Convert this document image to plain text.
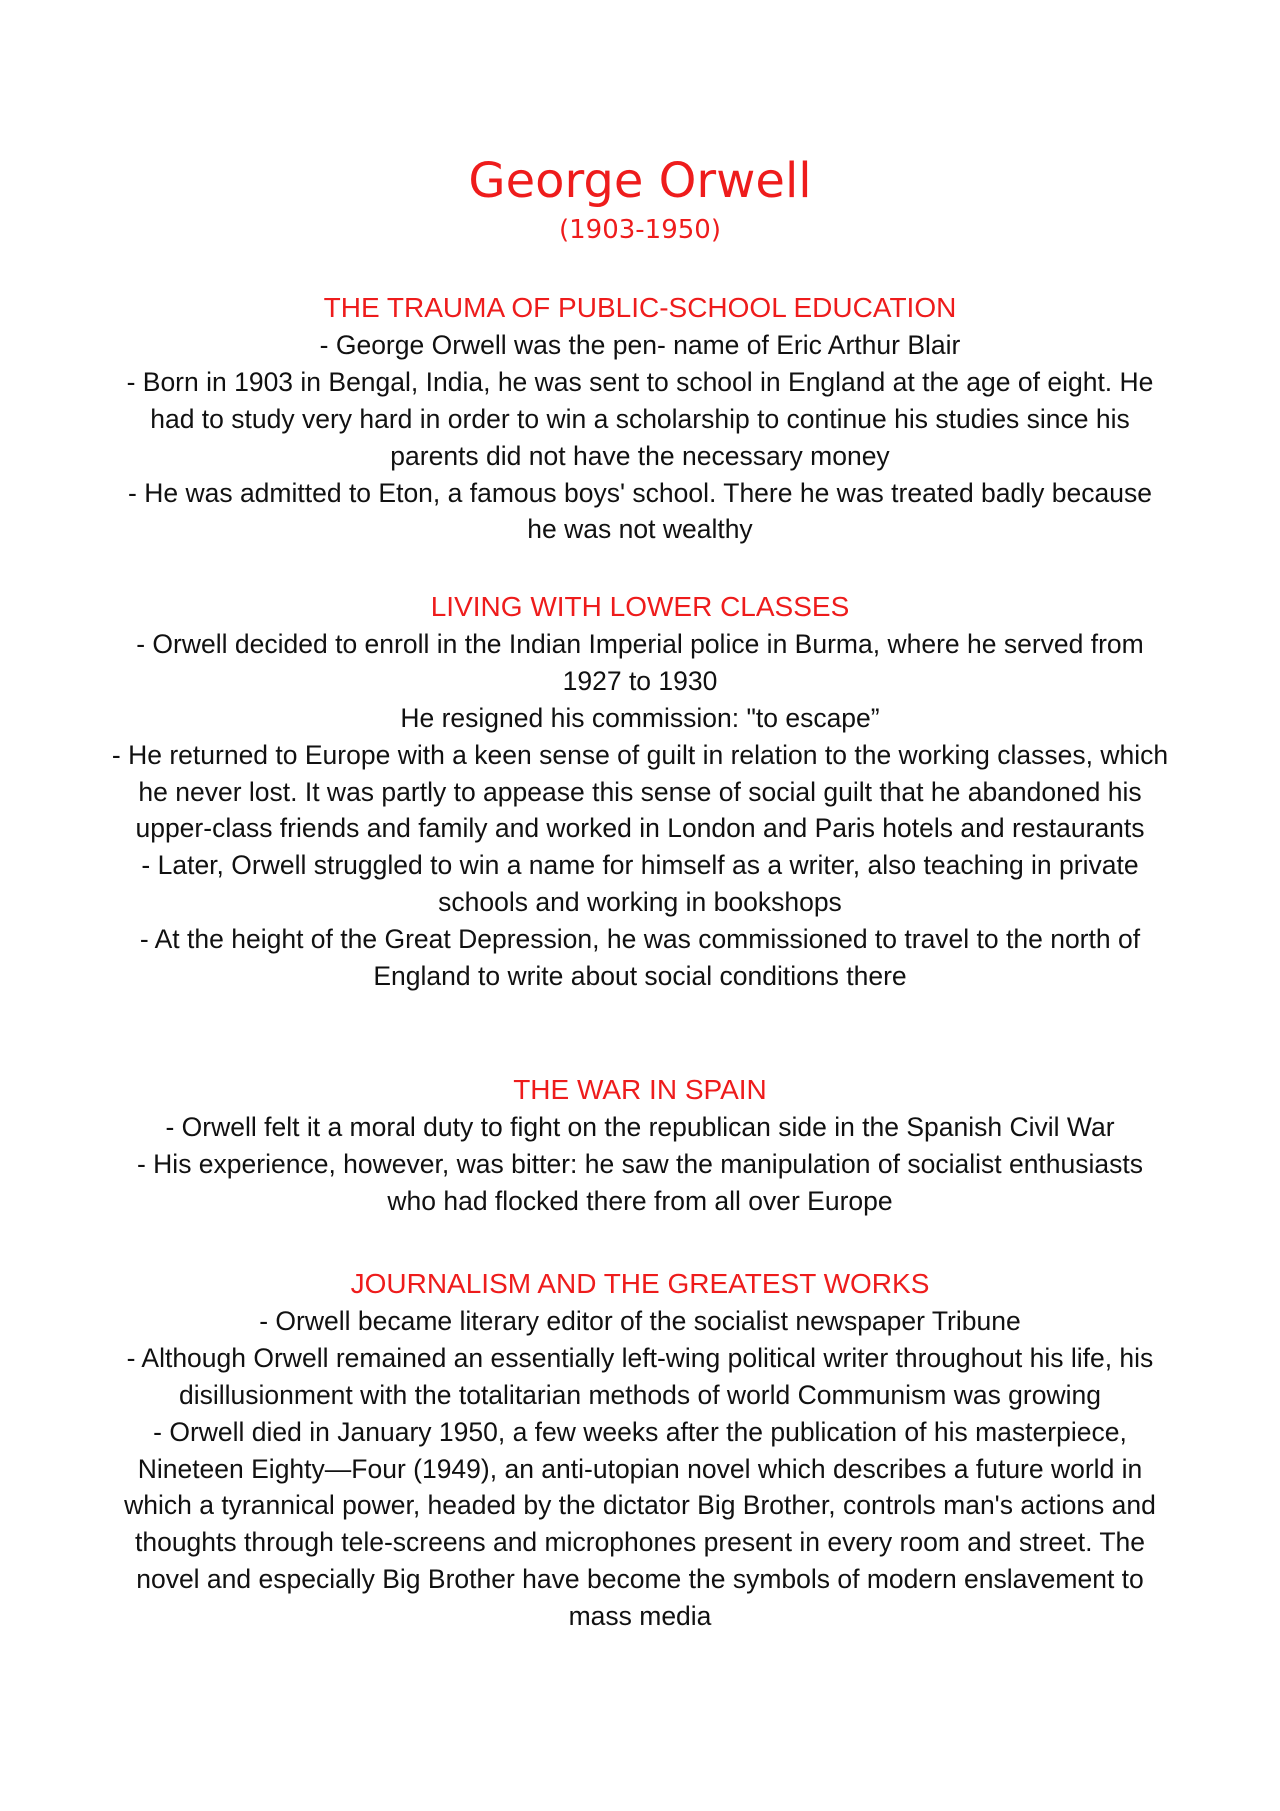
George Orwell
(1903-1950)

THE TRAUMA OF PUBLIC-SCHOOL EDUCATION

- George Orwell was the pen- name of Eric Arthur Blair

- Born in 1903 in Bengal, India, he was sent to school in England at the age of eight. He had to study very hard in order to win a scholarship to continue his studies since his parents did not have the necessary money

- He was admitted to Eton, a famous boys' school. There he was treated badly because he was not wealthy

LIVING WITH LOWER CLASSES

- Orwell decided to enroll in the Indian Imperial police in Burma, where he served from 1927 to 1930

He resigned his commission: "to escape”

- He returned to Europe with a keen sense of guilt in relation to the working classes, which he never lost. It was partly to appease this sense of social guilt that he abandoned his upper-class friends and family and worked in London and Paris hotels and restaurants

- Later, Orwell struggled to win a name for himself as a writer, also teaching in private schools and working in bookshops

- At the height of the Great Depression, he was commissioned to travel to the north of England to write about social conditions there

THE WAR IN SPAIN

- Orwell felt it a moral duty to fight on the republican side in the Spanish Civil War

- His experience, however, was bitter: he saw the manipulation of socialist enthusiasts who had flocked there from all over Europe

JOURNALISM AND THE GREATEST WORKS

- Orwell became literary editor of the socialist newspaper Tribune

- Although Orwell remained an essentially left-wing political writer throughout his life, his disillusionment with the totalitarian methods of world Communism was growing

- Orwell died in January 1950, a few weeks after the publication of his masterpiece, Nineteen Eighty—Four (1949), an anti-utopian novel which describes a future world in which a tyrannical power, headed by the dictator Big Brother, controls man's actions and thoughts through tele-screens and microphones present in every room and street. The novel and especially Big Brother have become the symbols of modern enslavement to mass media
